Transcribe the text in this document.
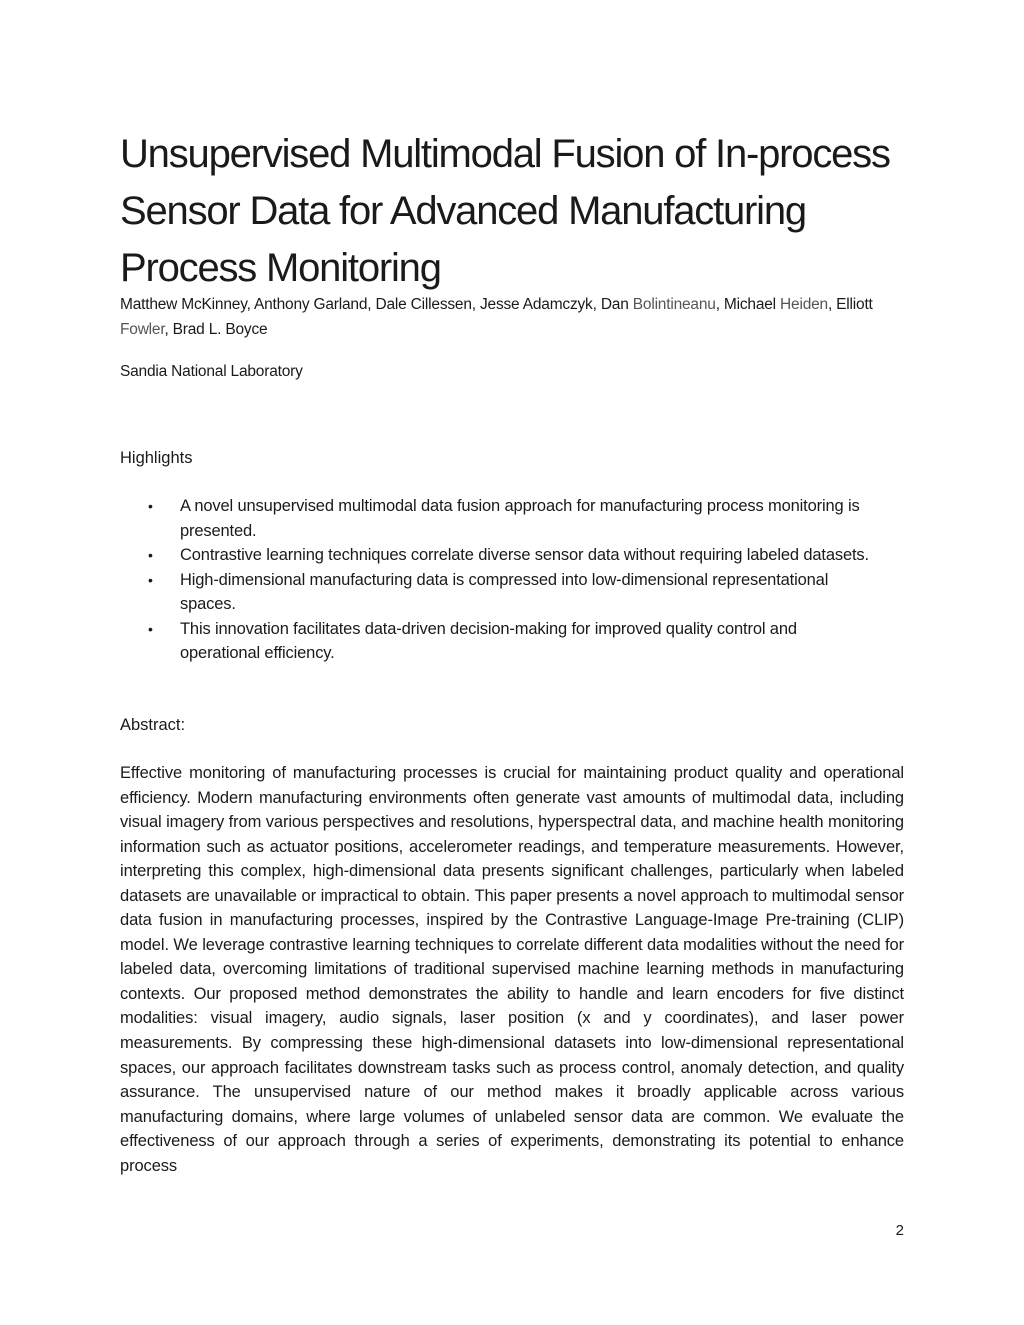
Unsupervised Multimodal Fusion of In-process Sensor Data for Advanced Manufacturing Process Monitoring
Matthew McKinney, Anthony Garland, Dale Cillessen, Jesse Adamczyk, Dan Bolintineanu, Michael Heiden, Elliott Fowler, Brad L. Boyce
Sandia National Laboratory
Highlights
• A novel unsupervised multimodal data fusion approach for manufacturing process monitoring is presented.
• Contrastive learning techniques correlate diverse sensor data without requiring labeled datasets.
• High-dimensional manufacturing data is compressed into low-dimensional representational spaces.
• This innovation facilitates data-driven decision-making for improved quality control and operational efficiency.
Abstract:

Effective monitoring of manufacturing processes is crucial for maintaining product quality and operational efficiency. Modern manufacturing environments often generate vast amounts of multimodal data, including visual imagery from various perspectives and resolutions, hyperspectral data, and machine health monitoring information such as actuator positions, accelerometer readings, and temperature measurements. However, interpreting this complex, high-dimensional data presents significant challenges, particularly when labeled datasets are unavailable or impractical to obtain. This paper presents a novel approach to multimodal sensor data fusion in manufacturing processes, inspired by the Contrastive Language-Image Pre-training (CLIP) model. We leverage contrastive learning techniques to correlate different data modalities without the need for labeled data, overcoming limitations of traditional supervised machine learning methods in manufacturing contexts. Our proposed method demonstrates the ability to handle and learn encoders for five distinct modalities: visual imagery, audio signals, laser position (x and y coordinates), and laser power measurements. By compressing these high-dimensional datasets into low-dimensional representational spaces, our approach facilitates downstream tasks such as process control, anomaly detection, and quality assurance. The unsupervised nature of our method makes it broadly applicable across various manufacturing domains, where large volumes of unlabeled sensor data are common. We evaluate the effectiveness of our approach through a series of experiments, demonstrating its potential to enhance process

2
